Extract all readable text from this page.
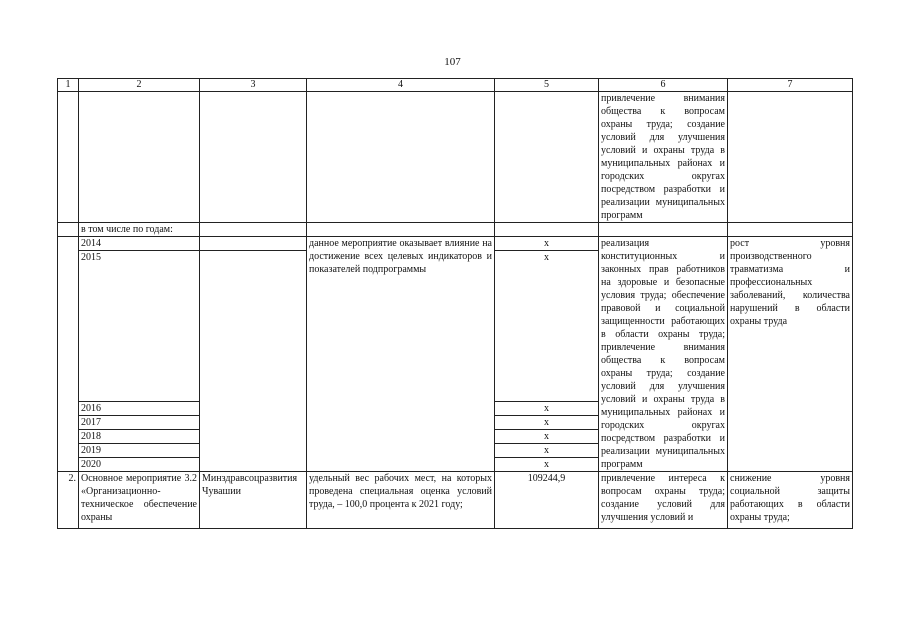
107
1	2	3	4	5	6	7
					привлечение внимания общества к вопросам охраны труда; создание условий для улучшения условий и охраны труда в муниципальных районах и городских округах посредством разработки и реализации муниципальных программ	
	в том числе по годам:					
	2014		данное мероприятие оказывает влияние на достижение всех целевых индикаторов и показателей подпрограммы	x	реализация конституционных и законных прав работников на здоровые и безопасные условия труда; обеспечение правовой и социальной защищенности работающих в области охраны труда; привлечение внимания общества к вопросам охраны труда; создание условий для улучшения условий и охраны труда в муниципальных районах и городских округах посредством разработки и реализации муниципальных программ	рост уровня производственного травматизма и профессиональных заболеваний, количества нарушений в области охраны труда
	2015			x		
	2016			x		
	2017			x		
	2018			x		
	2019			x		
	2020			x		
2.	Основное мероприятие 3.2 «Организационно-техническое обеспечение охраны	Минздравсоцразвития Чувашии	удельный вес рабочих мест, на которых проведена специальная оценка условий труда, – 100,0 процента к 2021 году;	109244,9	привлечение интереса к вопросам охраны труда; создание условий для улучшения условий и	снижение уровня социальной защиты работающих в области охраны труда;
